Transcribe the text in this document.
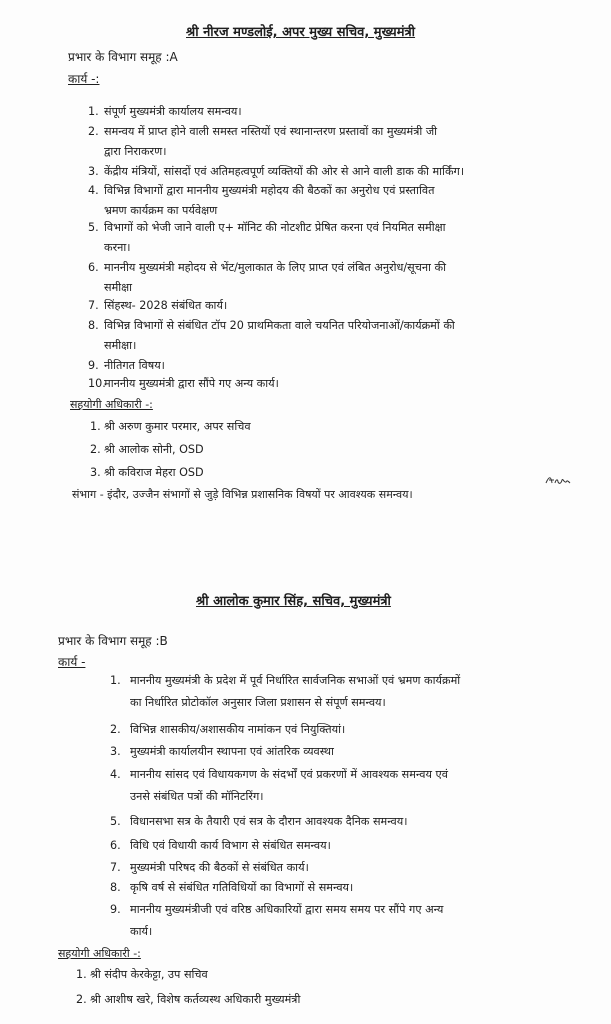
श्री नीरज मण्डलोई, अपर मुख्य सचिव, मुख्यमंत्री
प्रभार के विभाग समूह :A
कार्य -:
1. संपूर्ण मुख्यमंत्री कार्यालय समन्वय।
2. समन्वय में प्राप्त होने वाली समस्त नस्तियों एवं स्थानान्तरण प्रस्तावों का मुख्यमंत्री जी
द्वारा निराकरण।
3. केंद्रीय मंत्रियों, सांसदों एवं अतिमहत्वपूर्ण व्यक्तियों की ओर से आने वाली डाक की मार्किंग।
4. विभिन्न विभागों द्वारा माननीय मुख्यमंत्री महोदय की बैठकों का अनुरोध एवं प्रस्तावित
भ्रमण कार्यक्रम का पर्यवेक्षण
5. विभागों को भेजी जाने वाली ए+ मॉनिट की नोटशीट प्रेषित करना एवं नियमित समीक्षा
करना।
6. माननीय मुख्यमंत्री महोदय से भेंट/मुलाकात के लिए प्राप्त एवं लंबित अनुरोध/सूचना की
समीक्षा
7. सिंहस्थ- 2028 संबंधित कार्य।
8. विभिन्न विभागों से संबंधित टॉप 20 प्राथमिकता वाले चयनित परियोजनाओं/कार्यक्रमों की
समीक्षा।
9. नीतिगत विषय।
10.
माननीय मुख्यमंत्री द्वारा सौंपे गए अन्य कार्य।
सहयोगी अधिकारी -:
1. श्री अरुण कुमार परमार, अपर सचिव
2. श्री आलोक सोनी, OSD
3. श्री कविराज मेहरा OSD
संभाग - इंदौर, उज्जैन संभागों से जुड़े विभिन्न प्रशासनिक विषयों पर आवश्यक समन्वय।
श्री आलोक कुमार सिंह, सचिव, मुख्यमंत्री
प्रभार के विभाग समूह :B
कार्य -
1. माननीय मुख्यमंत्री के प्रदेश में पूर्व निर्धारित सार्वजनिक सभाओं एवं भ्रमण कार्यक्रमों
का निर्धारित प्रोटोकॉल अनुसार जिला प्रशासन से संपूर्ण समन्वय।
2. विभिन्न शासकीय/अशासकीय नामांकन एवं नियुक्तियां।
3. मुख्यमंत्री कार्यालयीन स्थापना एवं आंतरिक व्यवस्था
4. माननीय सांसद एवं विधायकगण के संदर्भों एवं प्रकरणों में आवश्यक समन्वय एवं
उनसे संबंधित पत्रों की मॉनिटरिंग।
5. विधानसभा सत्र के तैयारी एवं सत्र के दौरान आवश्यक दैनिक समन्वय।
6. विधि एवं विधायी कार्य विभाग से संबंधित समन्वय।
7. मुख्यमंत्री परिषद की बैठकों से संबंधित कार्य।
8. कृषि वर्ष से संबंधित गतिविधियों का विभागों से समन्वय।
9. माननीय मुख्यमंत्रीजी एवं वरिष्ठ अधिकारियों द्वारा समय समय पर सौंपे गए अन्य
कार्य।
सहयोगी अधिकारी -:
1. श्री संदीप केरकेट्टा, उप सचिव
2. श्री आशीष खरे, विशेष कर्तव्यस्थ अधिकारी मुख्यमंत्री
